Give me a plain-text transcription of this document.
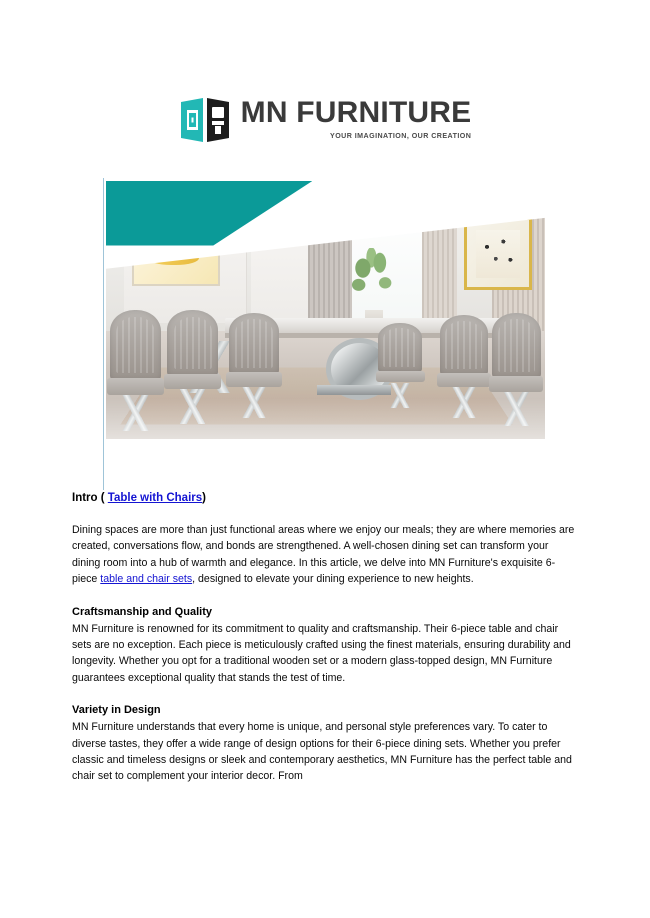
MN FURNITURE
YOUR IMAGINATION, OUR CREATION
Intro ( Table with Chairs)

Dining spaces are more than just functional areas where we enjoy our meals; they are where memories are created, conversations flow, and bonds are strengthened. A well-chosen dining set can transform your dining room into a hub of warmth and elegance. In this article, we delve into MN Furniture's exquisite 6-piece table and chair sets, designed to elevate your dining experience to new heights.

Craftsmanship and Quality

MN Furniture is renowned for its commitment to quality and craftsmanship. Their 6-piece table and chair sets are no exception. Each piece is meticulously crafted using the finest materials, ensuring durability and longevity. Whether you opt for a traditional wooden set or a modern glass-topped design, MN Furniture guarantees exceptional quality that stands the test of time.

Variety in Design

MN Furniture understands that every home is unique, and personal style preferences vary. To cater to diverse tastes, they offer a wide range of design options for their 6-piece dining sets. Whether you prefer classic and timeless designs or sleek and contemporary aesthetics, MN Furniture has the perfect table and chair set to complement your interior decor. From
